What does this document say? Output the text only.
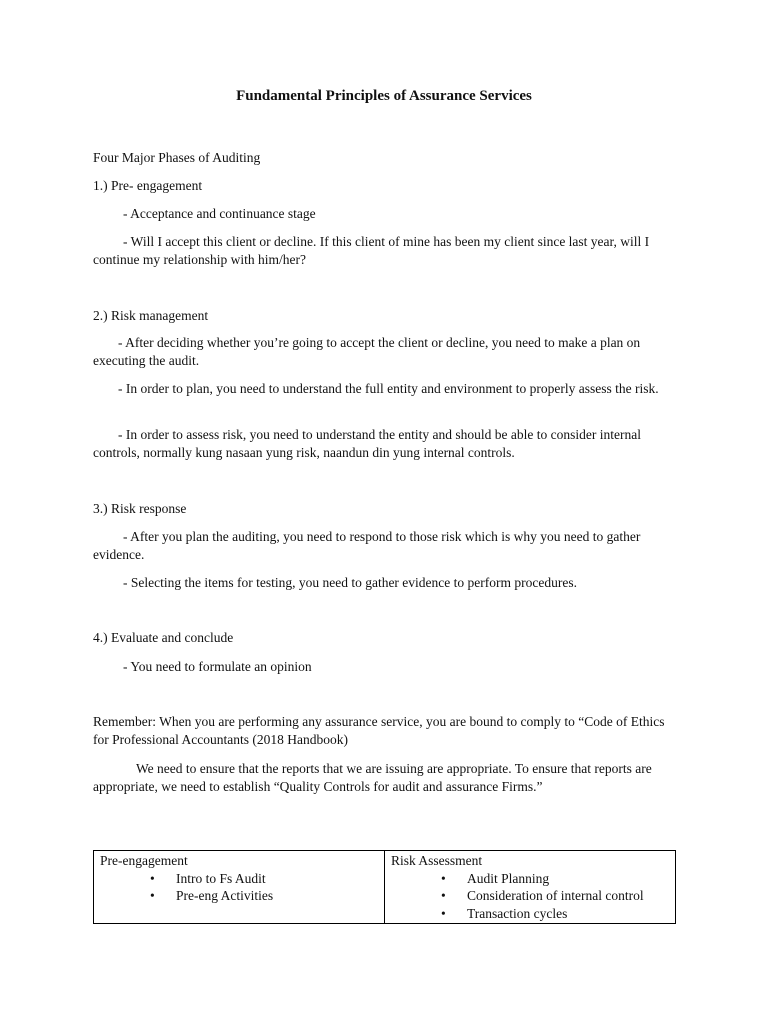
Fundamental Principles of Assurance Services

Four Major Phases of Auditing

1.) Pre- engagement

- Acceptance and continuance stage

- Will I accept this client or decline. If this client of mine has been my client since last year, will I continue my relationship with him/her?

2.) Risk management

- After deciding whether you’re going to accept the client or decline, you need to make a plan on executing the audit.

- In order to plan, you need to understand the full entity and environment to properly assess the risk.

- In order to assess risk, you need to understand the entity and should be able to consider internal controls, normally kung nasaan yung risk, naandun din yung internal controls.

3.) Risk response

- After you plan the auditing, you need to respond to those risk which is why you need to gather evidence.

- Selecting the items for testing, you need to gather evidence to perform procedures.

4.) Evaluate and conclude

- You need to formulate an opinion

Remember: When you are performing any assurance service, you are bound to comply to “Code of Ethics for Professional Accountants (2018 Handbook)

We need to ensure that the reports that we are issuing are appropriate. To ensure that reports are appropriate, we need to establish “Quality Controls for audit and assurance Firms.”

Pre-engagement
• Intro to Fs Audit
• Pre-eng Activities

Risk Assessment
• Audit Planning
• Consideration of internal control
• Transaction cycles
